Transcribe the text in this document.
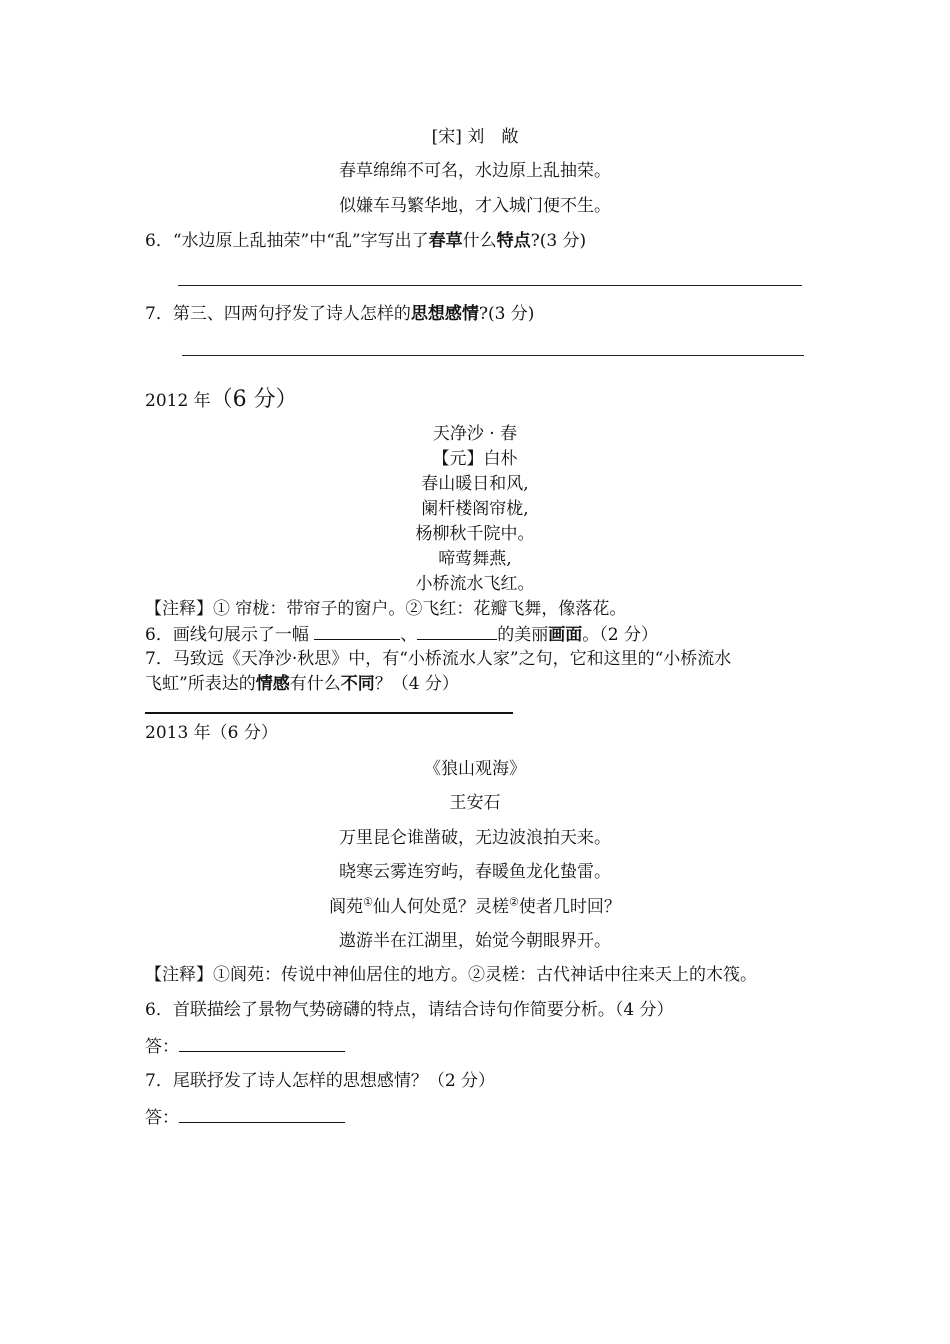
[宋] 刘　敞
春草绵绵不可名，水边原上乱抽荣。
似嫌车马繁华地，才入城门便不生。
6．“水边原上乱抽荣”中“乱”字写出了春草什么特点?(3 分)
7．第三、四两句抒发了诗人怎样的思想感情?(3 分)
2012 年（6 分）
天净沙 · 春
【元】白朴
春山暖日和风,
阑杆楼阁帘栊,
杨柳秋千院中。
啼莺舞燕,
小桥流水飞红。
【注释】① 帘栊：带帘子的窗户。②飞红：花瓣飞舞，像落花。
6．画线句展示了一幅	、	的美丽画面。（2 分）
7．马致远《天净沙·秋思》中，有“小桥流水人家”之句，它和这里的“小桥流水
飞虹”所表达的情感有什么不同？（4 分）
2013 年（6 分）
《狼山观海》
王安石
万里昆仑谁凿破，无边波浪拍天来。
晓寒云雾连穷屿，春暖鱼龙化蛰雷。
阆苑①仙人何处觅？灵槎②使者几时回？
遨游半在江湖里，始觉今朝眼界开。
【注释】①阆苑：传说中神仙居住的地方。②灵槎：古代神话中往来天上的木筏。
6．首联描绘了景物气势磅礴的特点，请结合诗句作简要分析。（4 分）
答：
7．尾联抒发了诗人怎样的思想感情？（2 分）
答：
